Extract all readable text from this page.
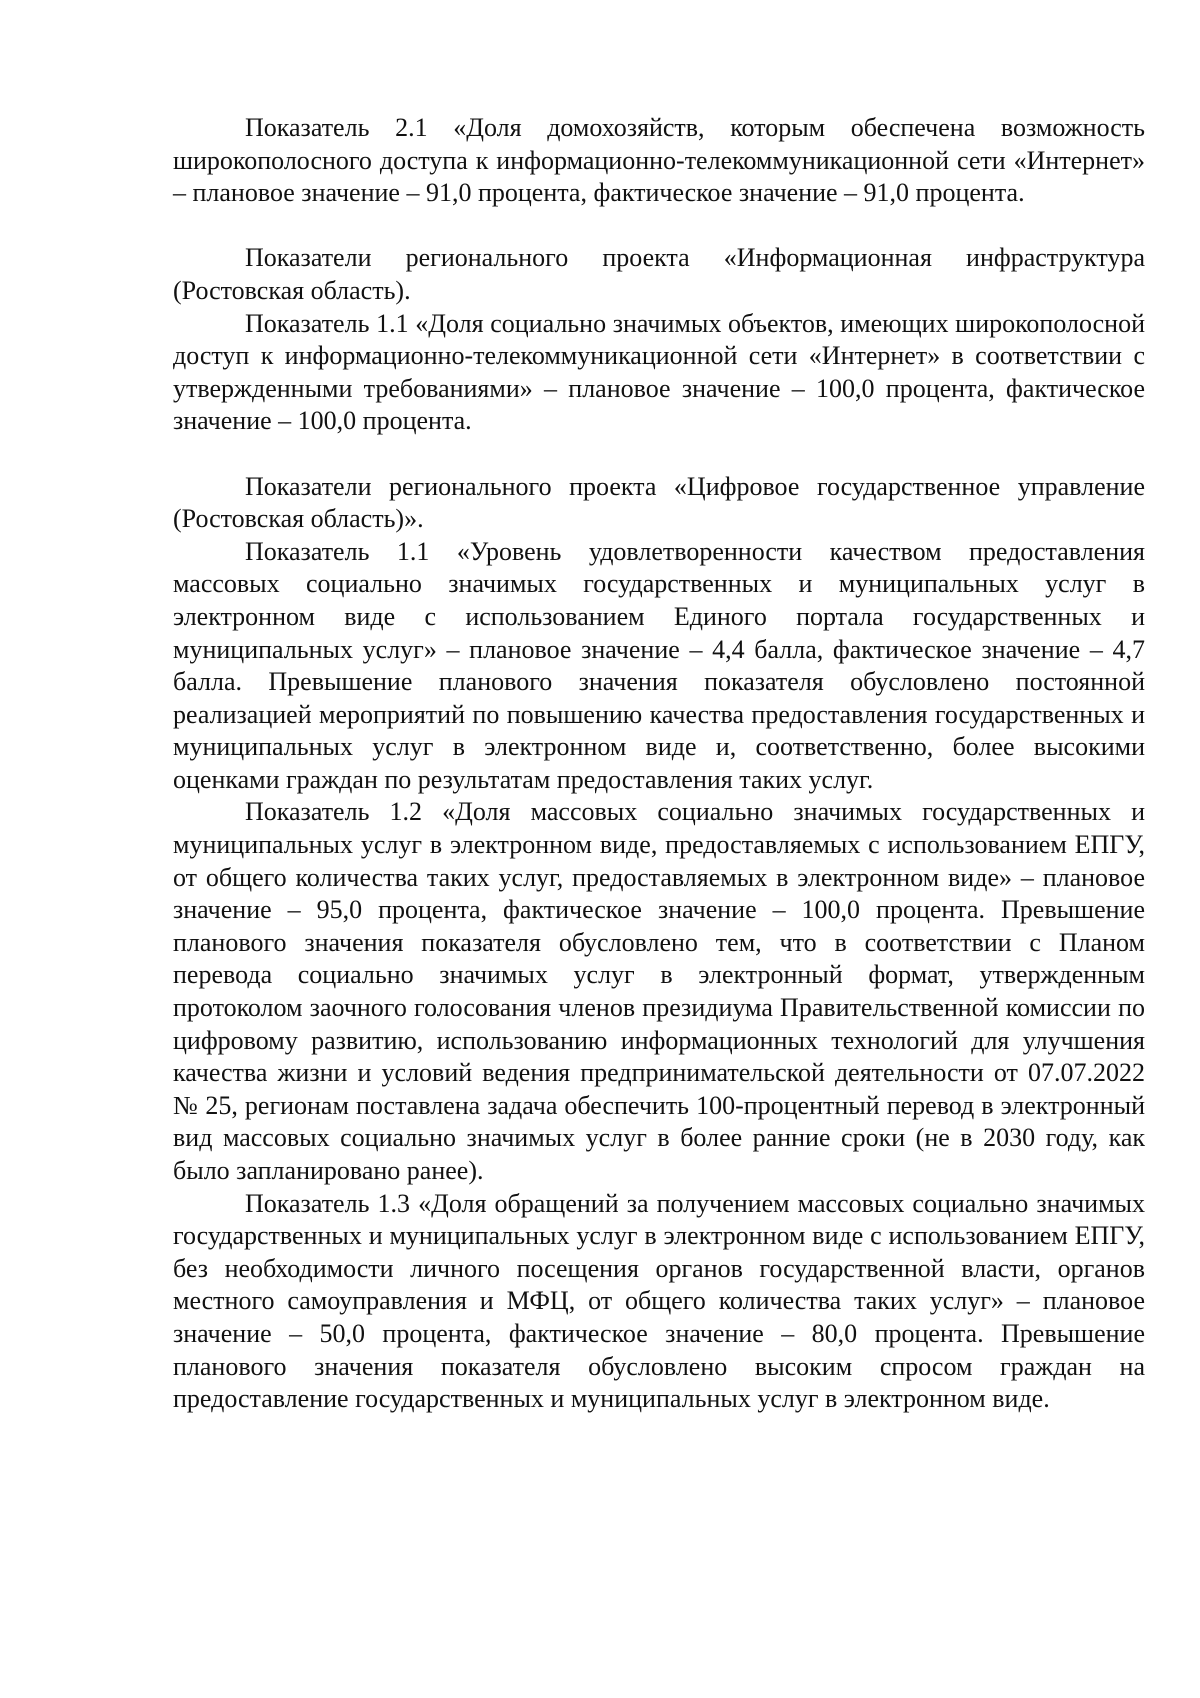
Показатель 2.1 «Доля домохозяйств, которым обеспечена возможность широкополосного доступа к информационно-телекоммуникационной сети «Интернет» – плановое значение – 91,0 процента, фактическое значение – 91,0 процента.

Показатели регионального проекта «Информационная инфраструктура (Ростовская область).

Показатель 1.1 «Доля социально значимых объектов, имеющих широкополосной доступ к информационно-телекоммуникационной сети «Интернет» в соответствии с утвержденными требованиями» – плановое значение – 100,0 процента, фактическое значение – 100,0 процента.

Показатели регионального проекта «Цифровое государственное управление (Ростовская область)».

Показатель 1.1 «Уровень удовлетворенности качеством предоставления массовых социально значимых государственных и муниципальных услуг в электронном виде с использованием Единого портала государственных и муниципальных услуг» – плановое значение – 4,4 балла, фактическое значение – 4,7 балла. Превышение планового значения показателя обусловлено постоянной реализацией мероприятий по повышению качества предоставления государственных и муниципальных услуг в электронном виде и, соответственно, более высокими оценками граждан по результатам предоставления таких услуг.

Показатель 1.2 «Доля массовых социально значимых государственных и муниципальных услуг в электронном виде, предоставляемых с использованием ЕПГУ, от общего количества таких услуг, предоставляемых в электронном виде» – плановое значение – 95,0 процента, фактическое значение – 100,0 процента. Превышение планового значения показателя обусловлено тем, что в соответствии с Планом перевода социально значимых услуг в электронный формат, утвержденным протоколом заочного голосования членов президиума Правительственной комиссии по цифровому развитию, использованию информационных технологий для улучшения качества жизни и условий ведения предпринимательской деятельности от 07.07.2022 № 25, регионам поставлена задача обеспечить 100-процентный перевод в электронный вид массовых социально значимых услуг в более ранние сроки (не в 2030 году, как было запланировано ранее).

Показатель 1.3 «Доля обращений за получением массовых социально значимых государственных и муниципальных услуг в электронном виде с использованием ЕПГУ, без необходимости личного посещения органов государственной власти, органов местного самоуправления и МФЦ, от общего количества таких услуг» – плановое значение – 50,0 процента, фактическое значение – 80,0 процента. Превышение планового значения показателя обусловлено высоким спросом граждан на предоставление государственных и муниципальных услуг в электронном виде.
